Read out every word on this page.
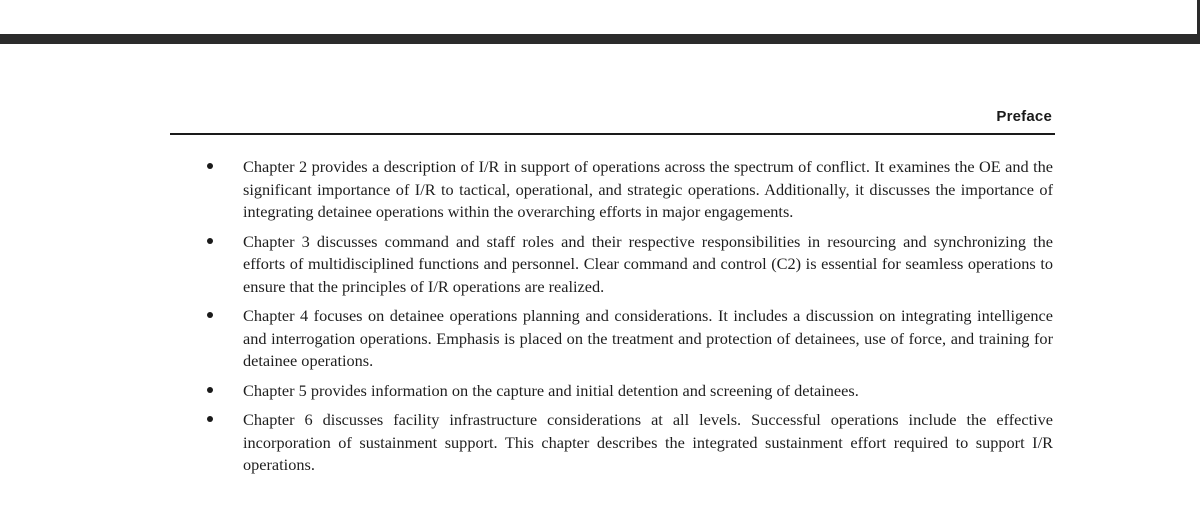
Preface
Chapter 2 provides a description of I/R in support of operations across the spectrum of conflict. It examines the OE and the significant importance of I/R to tactical, operational, and strategic operations. Additionally, it discusses the importance of integrating detainee operations within the overarching efforts in major engagements.
Chapter 3 discusses command and staff roles and their respective responsibilities in resourcing and synchronizing the efforts of multidisciplined functions and personnel. Clear command and control (C2) is essential for seamless operations to ensure that the principles of I/R operations are realized.
Chapter 4 focuses on detainee operations planning and considerations. It includes a discussion on integrating intelligence and interrogation operations. Emphasis is placed on the treatment and protection of detainees, use of force, and training for detainee operations.
Chapter 5 provides information on the capture and initial detention and screening of detainees.
Chapter 6 discusses facility infrastructure considerations at all levels. Successful operations include the effective incorporation of sustainment support. This chapter describes the integrated sustainment effort required to support I/R operations.
